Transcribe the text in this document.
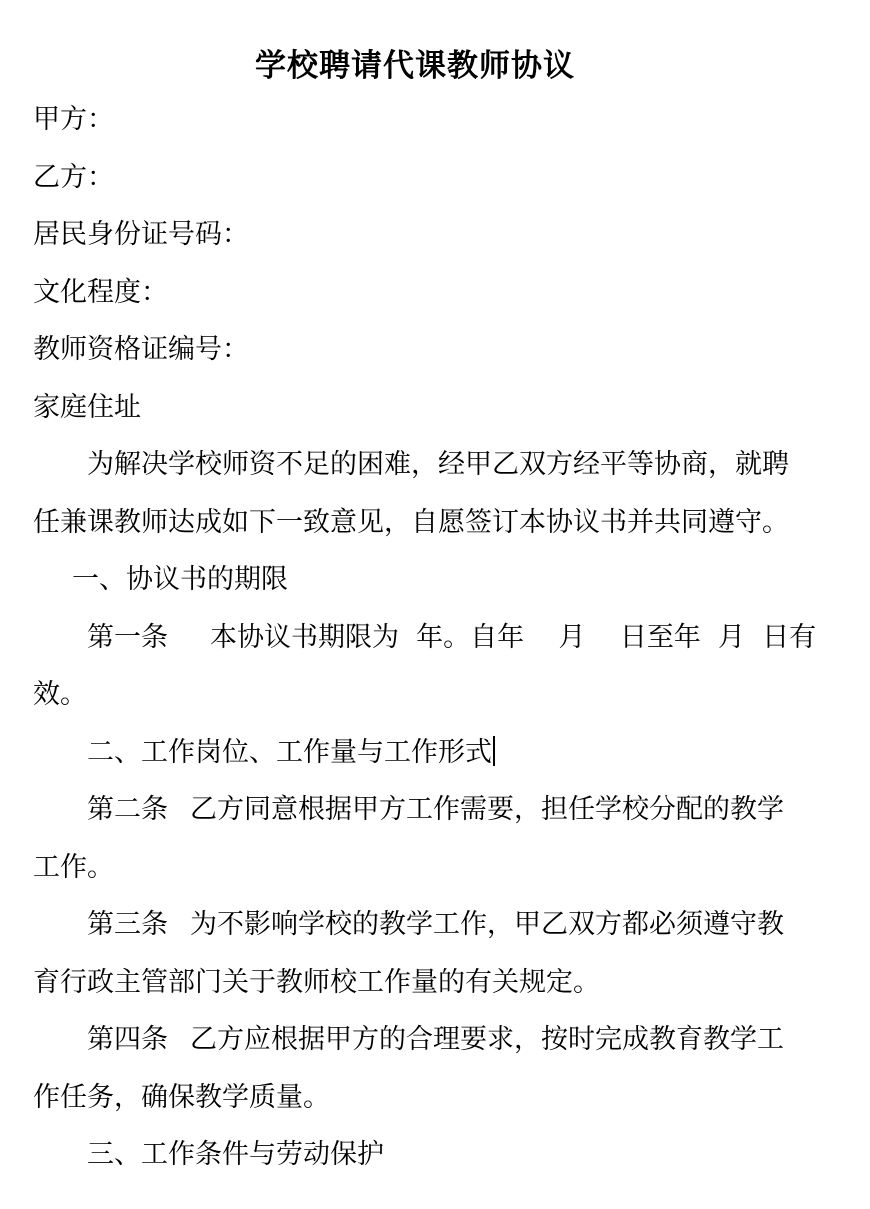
学校聘请代课教师协议
甲方：
乙方：
居民身份证号码：
文化程度：
教师资格证编号：
家庭住址
为解决学校师资不足的困难，经甲乙双方经平等协商，就聘
任兼课教师达成如下一致意见，自愿签订本协议书并共同遵守。
一、协议书的期限
第一条 本协议书期限为  年。自年    月    日至年  月  日有
效。
二、工作岗位、工作量与工作形式
第二条 乙方同意根据甲方工作需要，担任学校分配的教学
工作。
第三条 为不影响学校的教学工作，甲乙双方都必须遵守教
育行政主管部门关于教师校工作量的有关规定。
第四条 乙方应根据甲方的合理要求，按时完成教育教学工
作任务，确保教学质量。
三、工作条件与劳动保护
